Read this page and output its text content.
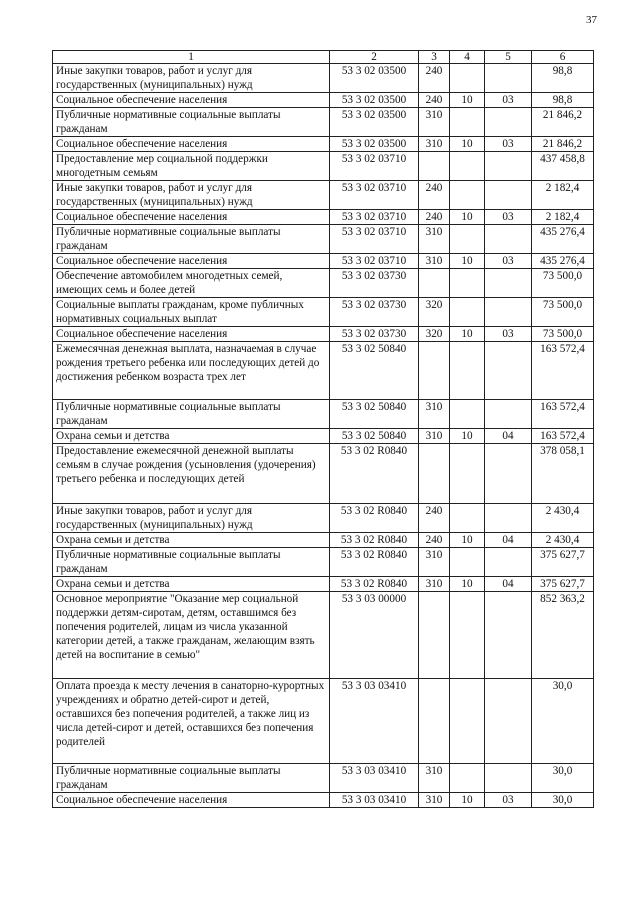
37
1	2	3	4	5	6
Иные закупки товаров, работ и услуг для государственных (муниципальных) нужд	53 3 02 03500	240			98,8
Социальное обеспечение населения	53 3 02 03500	240	10	03	98,8
Публичные нормативные социальные выплаты гражданам	53 3 02 03500	310			21 846,2
Социальное обеспечение населения	53 3 02 03500	310	10	03	21 846,2
Предоставление мер социальной поддержки многодетным семьям	53 3 02 03710				437 458,8
Иные закупки товаров, работ и услуг для государственных (муниципальных) нужд	53 3 02 03710	240			2 182,4
Социальное обеспечение населения	53 3 02 03710	240	10	03	2 182,4
Публичные нормативные социальные выплаты гражданам	53 3 02 03710	310			435 276,4
Социальное обеспечение населения	53 3 02 03710	310	10	03	435 276,4
Обеспечение автомобилем многодетных семей, имеющих семь и более детей	53 3 02 03730				73 500,0
Социальные выплаты гражданам, кроме публичных нормативных социальных выплат	53 3 02 03730	320			73 500,0
Социальное обеспечение населения	53 3 02 03730	320	10	03	73 500,0
Ежемесячная денежная выплата, назначаемая в случае рождения третьего ребенка или последующих детей до достижения ребенком возраста трех лет	53 3 02 50840				163 572,4
Публичные нормативные социальные выплаты гражданам	53 3 02 50840	310			163 572,4
Охрана семьи и детства	53 3 02 50840	310	10	04	163 572,4
Предоставление ежемесячной денежной выплаты семьям в случае рождения (усыновления (удочерения) третьего ребенка и последующих детей	53 3 02 R0840				378 058,1
Иные закупки товаров, работ и услуг для государственных (муниципальных) нужд	53 3 02 R0840	240			2 430,4
Охрана семьи и детства	53 3 02 R0840	240	10	04	2 430,4
Публичные нормативные социальные выплаты гражданам	53 3 02 R0840	310			375 627,7
Охрана семьи и детства	53 3 02 R0840	310	10	04	375 627,7
Основное мероприятие "Оказание мер социальной поддержки детям-сиротам, детям, оставшимся без попечения родителей, лицам из числа указанной категории детей, а также гражданам, желающим взять детей на воспитание в семью"	53 3 03 00000				852 363,2
Оплата проезда к месту лечения в санаторно-курортных учреждениях и обратно детей-сирот и детей, оставшихся без попечения родителей, а также лиц из числа детей-сирот и детей, оставшихся без попечения родителей	53 3 03 03410				30,0
Публичные нормативные социальные выплаты гражданам	53 3 03 03410	310			30,0
Социальное обеспечение населения	53 3 03 03410	310	10	03	30,0
